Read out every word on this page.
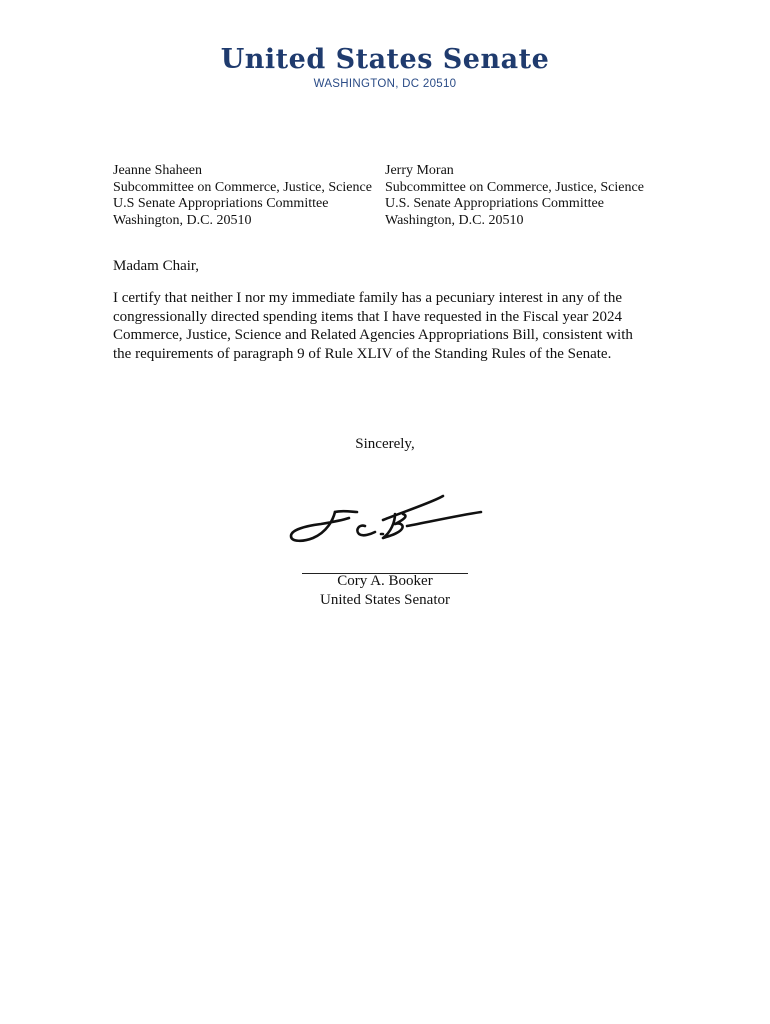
United States Senate
WASHINGTON, DC 20510
Jeanne Shaheen
Subcommittee on Commerce, Justice, Science
U.S Senate Appropriations Committee
Washington, D.C. 20510
Jerry Moran
Subcommittee on Commerce, Justice, Science
U.S. Senate Appropriations Committee
Washington, D.C. 20510
Madam Chair,
I certify that neither I nor my immediate family has a pecuniary interest in any of the
congressionally directed spending items that I have requested in the Fiscal year 2024
Commerce, Justice, Science and Related Agencies Appropriations Bill, consistent with
the requirements of paragraph 9 of Rule XLIV of the Standing Rules of the Senate.
Sincerely,
Cory A. Booker
United States Senator
